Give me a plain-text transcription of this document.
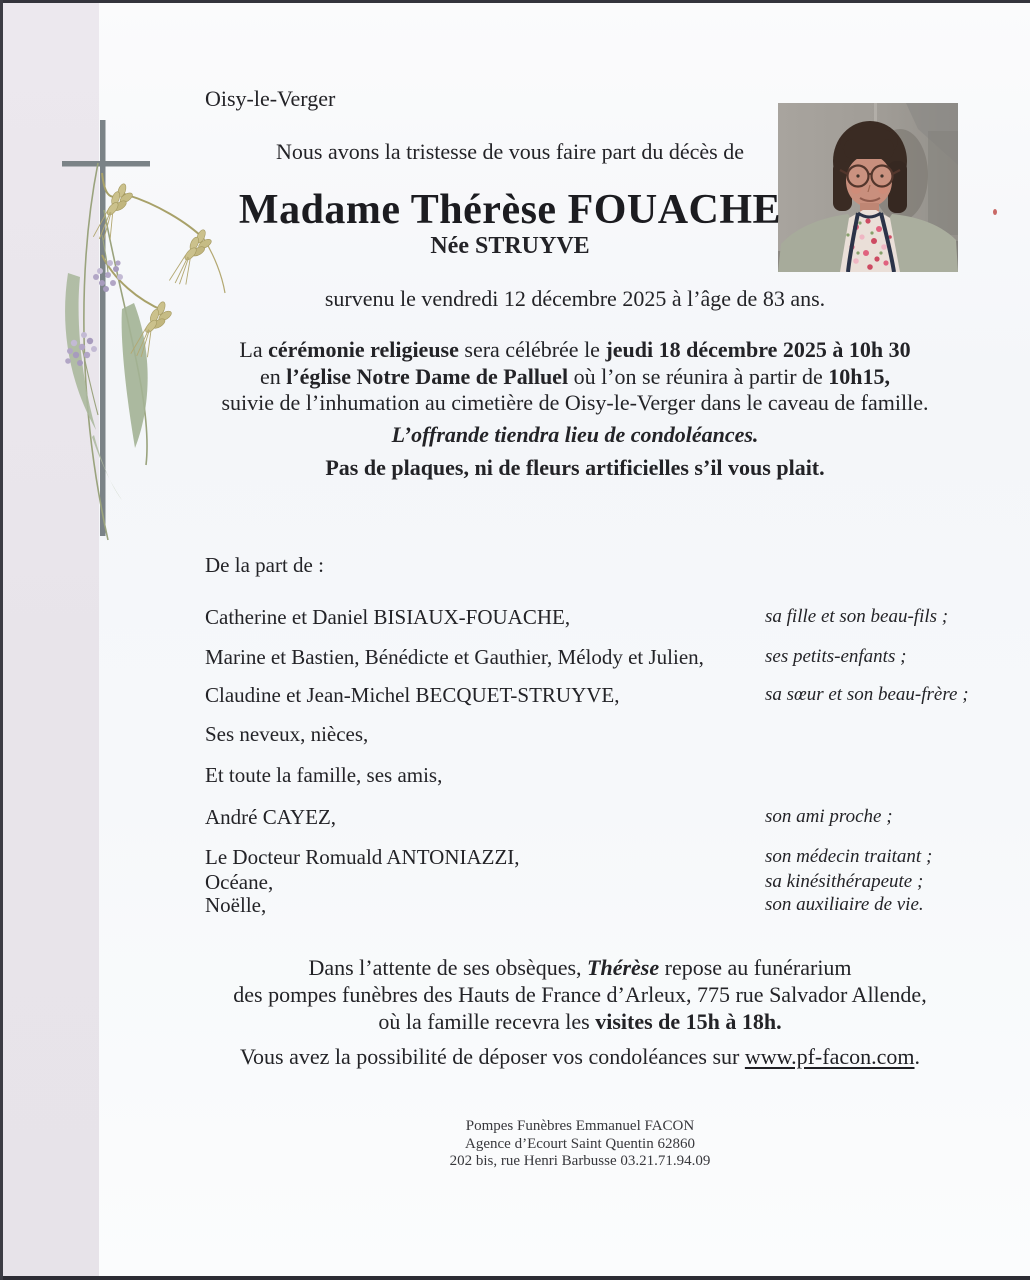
Oisy-le-Verger
Nous avons la tristesse de vous faire part du décès de
Madame Thérèse FOUACHE
Née STRUYVE
survenu le vendredi 12 décembre 2025 à l’âge de 83 ans.
La cérémonie religieuse sera célébrée le jeudi 18 décembre 2025 à 10h 30
en l’église Notre Dame de Palluel où l’on se réunira à partir de 10h15,
suivie de l’inhumation au cimetière de Oisy-le-Verger dans le caveau de famille.
L’offrande tiendra lieu de condoléances.
Pas de plaques, ni de fleurs artificielles s’il vous plait.
De la part de :
Catherine et Daniel BISIAUX-FOUACHE,	sa fille et son beau-fils ;
Marine et Bastien, Bénédicte et Gauthier, Mélody et Julien,	ses petits-enfants ;
Claudine et Jean-Michel BECQUET-STRUYVE,	sa sœur et son beau-frère ;
Ses neveux, nièces,
Et toute la famille, ses amis,
André CAYEZ,	son ami proche ;
Le Docteur Romuald ANTONIAZZI,	son médecin traitant ;
Océane,	sa kinésithérapeute ;
Noëlle,	son auxiliaire de vie.
Dans l’attente de ses obsèques, Thérèse repose au funérarium
des pompes funèbres des Hauts de France d’Arleux, 775 rue Salvador Allende,
où la famille recevra les visites de 15h à 18h.
Vous avez la possibilité de déposer vos condoléances sur www.pf-facon.com.
Pompes Funèbres Emmanuel FACON
Agence d’Ecourt Saint Quentin 62860
202 bis, rue Henri Barbusse 03.21.71.94.09
